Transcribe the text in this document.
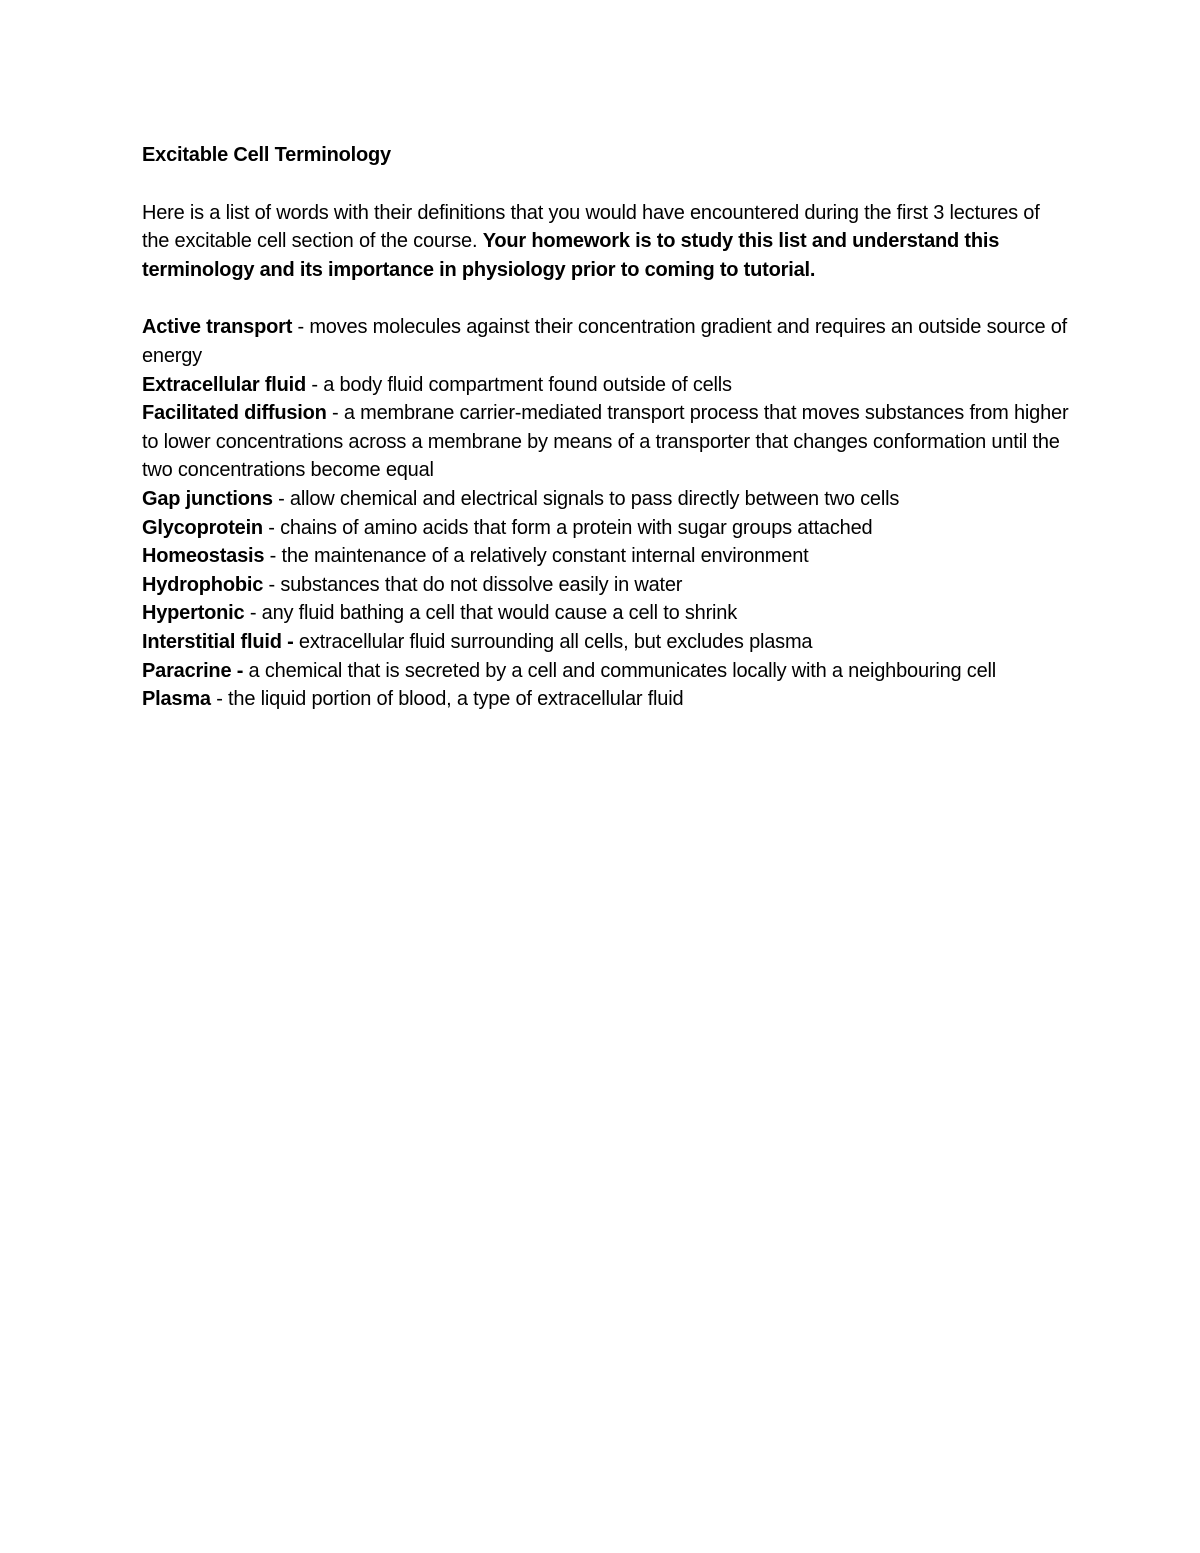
Excitable Cell Terminology

Here is a list of words with their definitions that you would have encountered during the first 3 lectures of the excitable cell section of the course. Your homework is to study this list and understand this terminology and its importance in physiology prior to coming to tutorial.

Active transport - moves molecules against their concentration gradient and requires an outside source of energy

Extracellular fluid - a body fluid compartment found outside of cells

Facilitated diffusion - a membrane carrier-mediated transport process that moves substances from higher to lower concentrations across a membrane by means of a transporter that changes conformation until the two concentrations become equal

Gap junctions - allow chemical and electrical signals to pass directly between two cells

Glycoprotein - chains of amino acids that form a protein with sugar groups attached

Homeostasis - the maintenance of a relatively constant internal environment

Hydrophobic - substances that do not dissolve easily in water

Hypertonic - any fluid bathing a cell that would cause a cell to shrink

Interstitial fluid - extracellular fluid surrounding all cells, but excludes plasma

Paracrine - a chemical that is secreted by a cell and communicates locally with a neighbouring cell

Plasma - the liquid portion of blood, a type of extracellular fluid
